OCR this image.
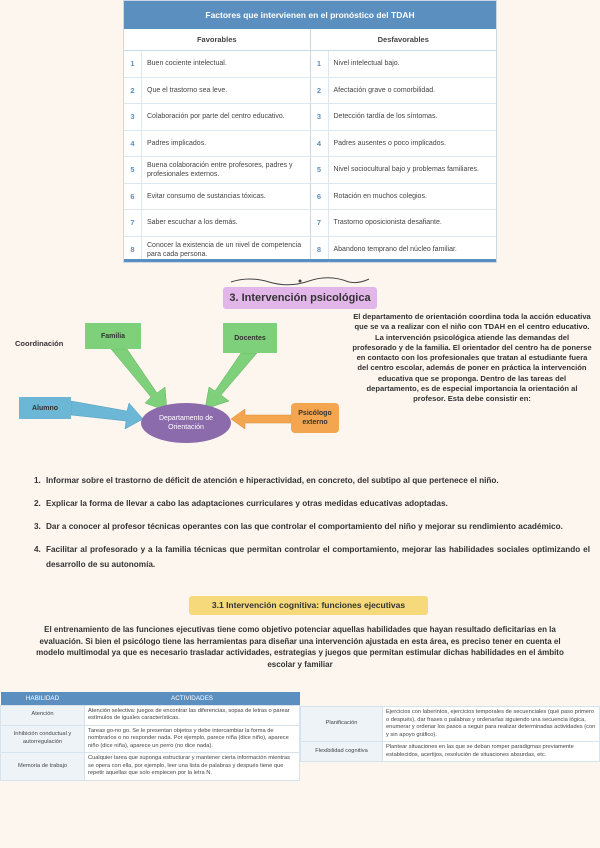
Factores que intervienen en el pronóstico del TDAH
Favorables	Desfavorables
1	Buen cociente intelectual.	1	Nivel intelectual bajo.
2	Que el trastorno sea leve.	2	Afectación grave o comorbilidad.
3	Colaboración por parte del centro educativo.	3	Detección tardía de los síntomas.
4	Padres implicados.	4	Padres ausentes o poco implicados.
5	Buena colaboración entre profesores, padres y profesionales externos.	5	Nivel sociocultural bajo y problemas familiares.
6	Evitar consumo de sustancias tóxicas.	6	Rotación en muchos colegios.
7	Saber escuchar a los demás.	7	Trastorno oposicionista desafiante.
8	Conocer la existencia de un nivel de competencia para cada persona.	8	Abandono temprano del núcleo familiar.
3. Intervención psicológica
Coordinación
Familia	Docentes
Alumno
Psicólogo externo
Departamento de Orientación
El departamento de orientación coordina toda la acción educativa que se va a realizar con el niño con TDAH en el centro educativo. La intervención psicológica atiende las demandas del profesorado y de la familia. El orientador del centro ha de ponerse en contacto con los profesionales que tratan al estudiante fuera del centro escolar, además de poner en práctica la intervención educativa que se proponga. Dentro de las tareas del departamento, es de especial importancia la orientación al profesor. Esta debe consistir en:
1. Informar sobre el trastorno de déficit de atención e hiperactividad, en concreto, del subtipo al que pertenece el niño.
2. Explicar la forma de llevar a cabo las adaptaciones curriculares y otras medidas educativas adoptadas.
3. Dar a conocer al profesor técnicas operantes con las que controlar el comportamiento del niño y mejorar su rendimiento académico.
4. Facilitar al profesorado y a la familia técnicas que permitan controlar el comportamiento, mejorar las habilidades sociales optimizando el desarrollo de su autonomía.
3.1 Intervención cognitiva: funciones ejecutivas
El entrenamiento de las funciones ejecutivas tiene como objetivo potenciar aquellas habilidades que hayan resultado deficitarias en la evaluación. Si bien el psicólogo tiene las herramientas para diseñar una intervención ajustada en esta área, es preciso tener en cuenta el modelo multimodal ya que es necesario trasladar actividades, estrategias y juegos que permitan estimular dichas habilidades en el ámbito escolar y familiar
HABILIDAD	ACTIVIDADES
Atención	Atención selectiva: juegos de encontrar las diferencias, sopas de letras o parear estímulos de iguales características.
Inhibición conductual y autorregulación	Tareas go-no go. Se le presentan objetos y debe intercambiar la forma de nombrarlos o no responder nada. Por ejemplo, parece niña (dice niño), aparece niño (dice niña), aparece un perro (no dice nada).
Memoria de trabajo	Cualquier tarea que suponga estructurar y mantener cierta información mientras se opera con ella, por ejemplo, leer una lista de palabras y después tiene que repetir aquellas que solo empiecen por la letra N.
Planificación	Ejercicios con laberintos, ejercicios temporales de secuenciales (qué paso primero o después), dar frases o palabras y ordenarlas siguiendo una secuencia lógica, enumerar y ordenar los pasos a seguir para realizar determinadas actividades (con y sin apoyo gráfico).
Flexibilidad cognitiva	Plantear situaciones en las que se deban romper paradigmas previamente establecidos, acertijos, resolución de situaciones absurdas, etc.
